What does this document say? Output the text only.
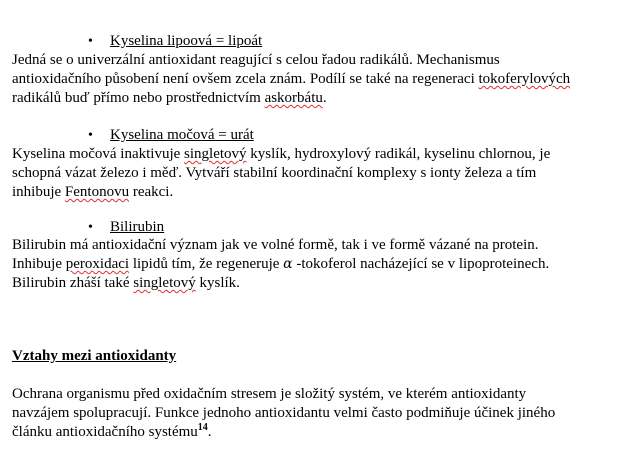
•Kyselina lipoová = lipoát
Jedná se o univerzální antioxidant reagující s celou řadou radikálů. Mechanismus
antioxidačního působení není ovšem zcela znám. Podílí se také na regeneraci tokoferylových
radikálů buď přímo nebo prostřednictvím askorbátu.
•Kyselina močová = urát
Kyselina močová inaktivuje singletový kyslík, hydroxylový radikál, kyselinu chlornou, je
schopná vázat železo i měď. Vytváří stabilní koordinační komplexy s ionty železa a tím
inhibuje Fentonovu reakci.
•Bilirubin
Bilirubin má antioxidační význam jak ve volné formě, tak i ve formě vázané na protein.
Inhibuje peroxidaci lipidů tím, že regeneruje α -tokoferol nacházející se v lipoproteinech.
Bilirubin zháší také singletový kyslík.
Vztahy mezi antioxidanty
Ochrana organismu před oxidačním stresem je složitý systém, ve kterém antioxidanty
navzájem spolupracují. Funkce jednoho antioxidantu velmi často podmiňuje účinek jiného
článku antioxidačního systému$^{14}$.
